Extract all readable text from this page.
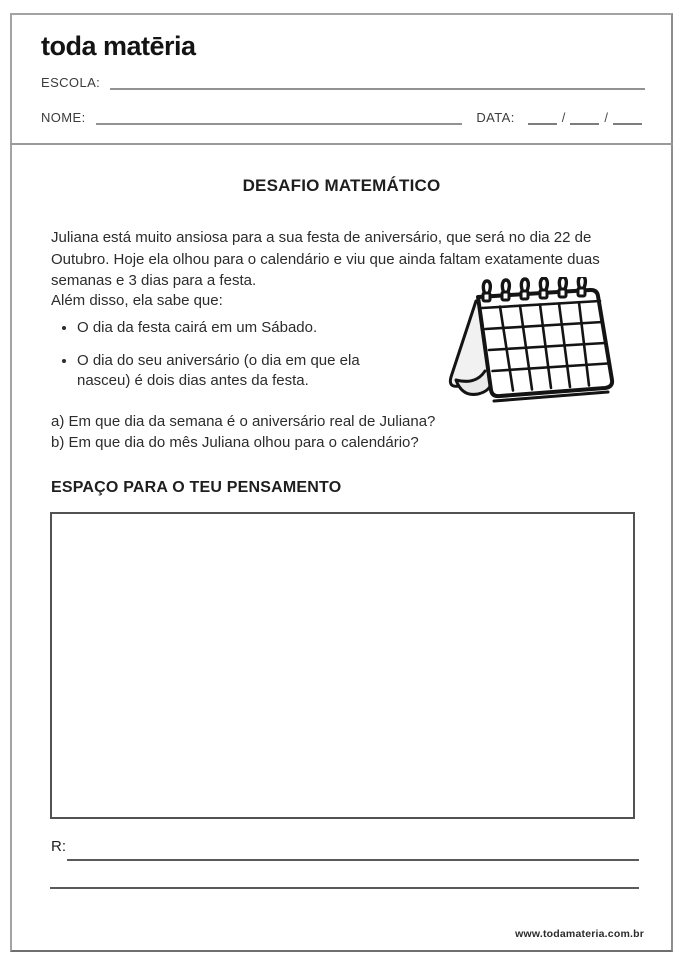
toda matēria
ESCOLA:
NOME:	DATA:	/	/
DESAFIO MATEMÁTICO

Juliana está muito ansiosa para a sua festa de aniversário, que será no dia 22 de Outubro. Hoje ela olhou para o calendário e viu que ainda faltam exatamente duas semanas e 3 dias para a festa.

Além disso, ela sabe que:
• O dia da festa cairá em um Sábado.
• O dia do seu aniversário (o dia em que ela nasceu) é dois dias antes da festa.
a) Em que dia da semana é o aniversário real de Juliana?
b) Em que dia do mês Juliana olhou para o calendário?
ESPAÇO PARA O TEU PENSAMENTO
R:
www.todamateria.com.br
